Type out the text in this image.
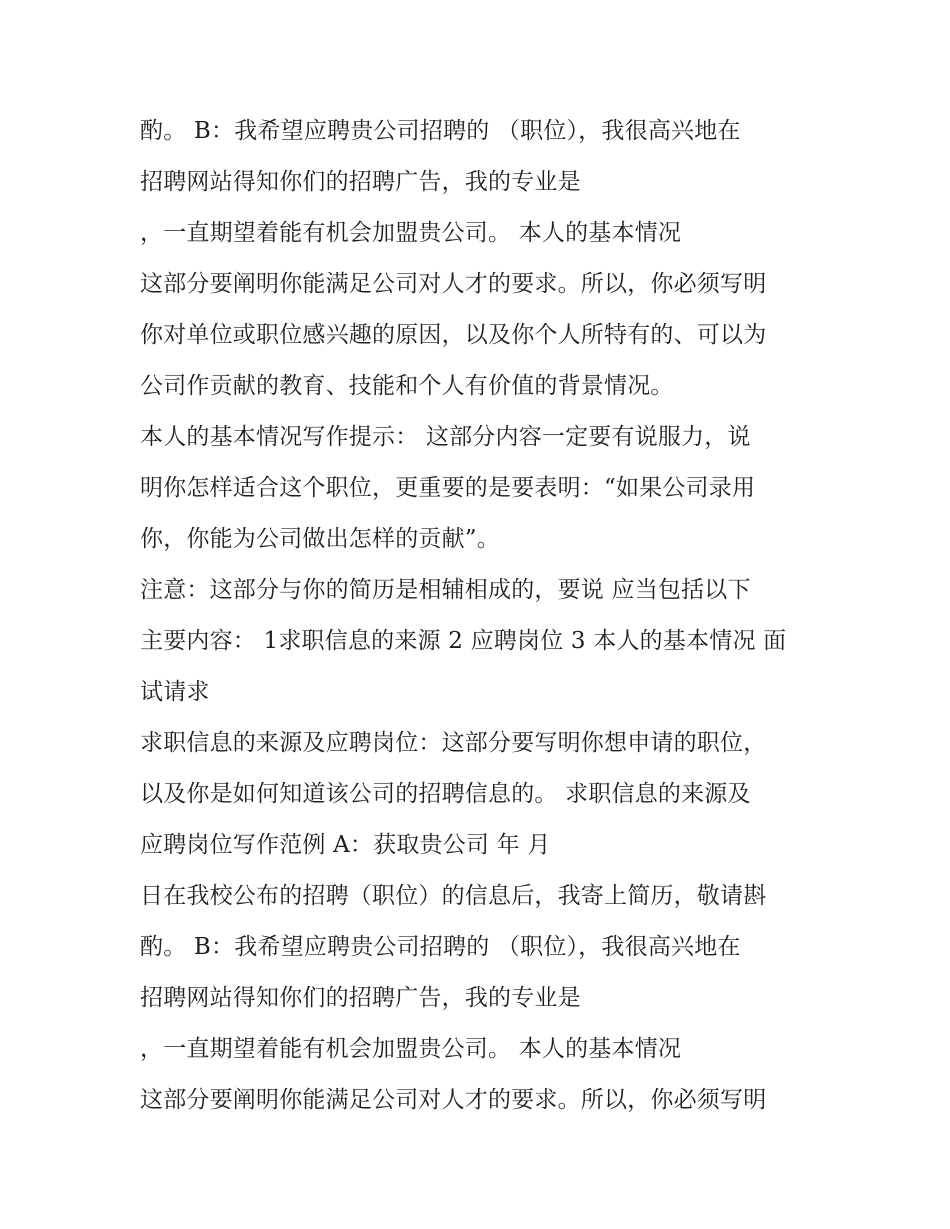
酌。 B：我希望应聘贵公司招聘的 （职位），我很高兴地在
招聘网站得知你们的招聘广告，我的专业是
，一直期望着能有机会加盟贵公司。 本人的基本情况
这部分要阐明你能满足公司对人才的要求。所以，你必须写明
你对单位或职位感兴趣的原因，以及你个人所特有的、可以为
公司作贡献的教育、技能和个人有价值的背景情况。
本人的基本情况写作提示： 这部分内容一定要有说服力，说
明你怎样适合这个职位，更重要的是要表明：“如果公司录用
你，你能为公司做出怎样的贡献”。
注意：这部分与你的简历是相辅相成的，要说 应当包括以下
主要内容： 1求职信息的来源 2 应聘岗位 3 本人的基本情况 面
试请求
求职信息的来源及应聘岗位：这部分要写明你想申请的职位，
以及你是如何知道该公司的招聘信息的。 求职信息的来源及
应聘岗位写作范例 A：获取贵公司 年 月
日在我校公布的招聘（职位）的信息后，我寄上简历，敬请斟
酌。 B：我希望应聘贵公司招聘的 （职位），我很高兴地在
招聘网站得知你们的招聘广告，我的专业是
，一直期望着能有机会加盟贵公司。 本人的基本情况
这部分要阐明你能满足公司对人才的要求。所以，你必须写明
